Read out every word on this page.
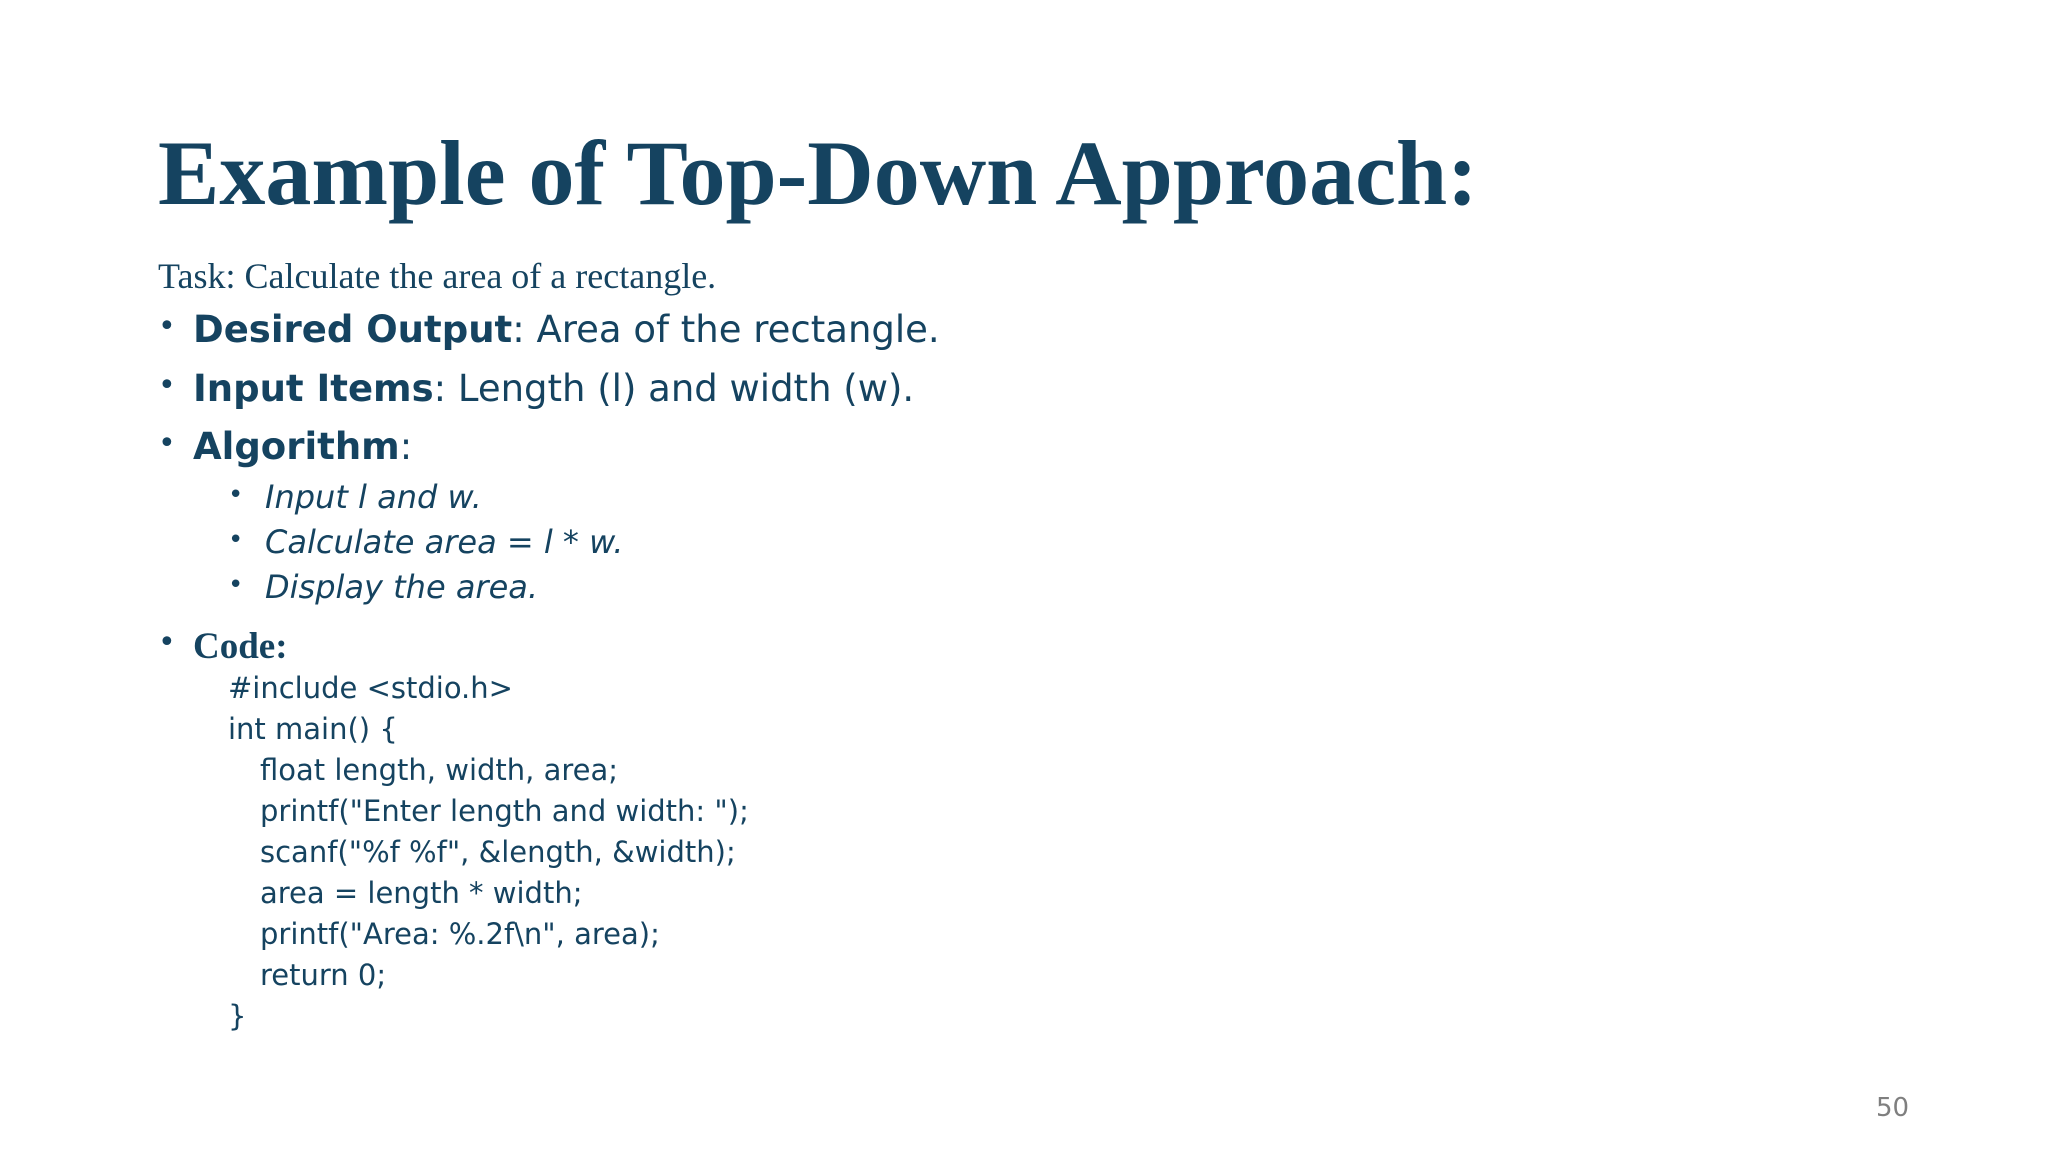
Example of Top-Down Approach:

Task: Calculate the area of a rectangle.

• Desired Output: Area of the rectangle.
• Input Items: Length (l) and width (w).
• Algorithm:
• Input l and w.
• Calculate area = l * w.
• Display the area.
• Code:
#include <stdio.h>
int main() {
float length, width, area;
printf("Enter length and width: ");
scanf("%f %f", &length, &width);
area = length * width;
printf("Area: %.2f\n", area);
return 0;
}
50
